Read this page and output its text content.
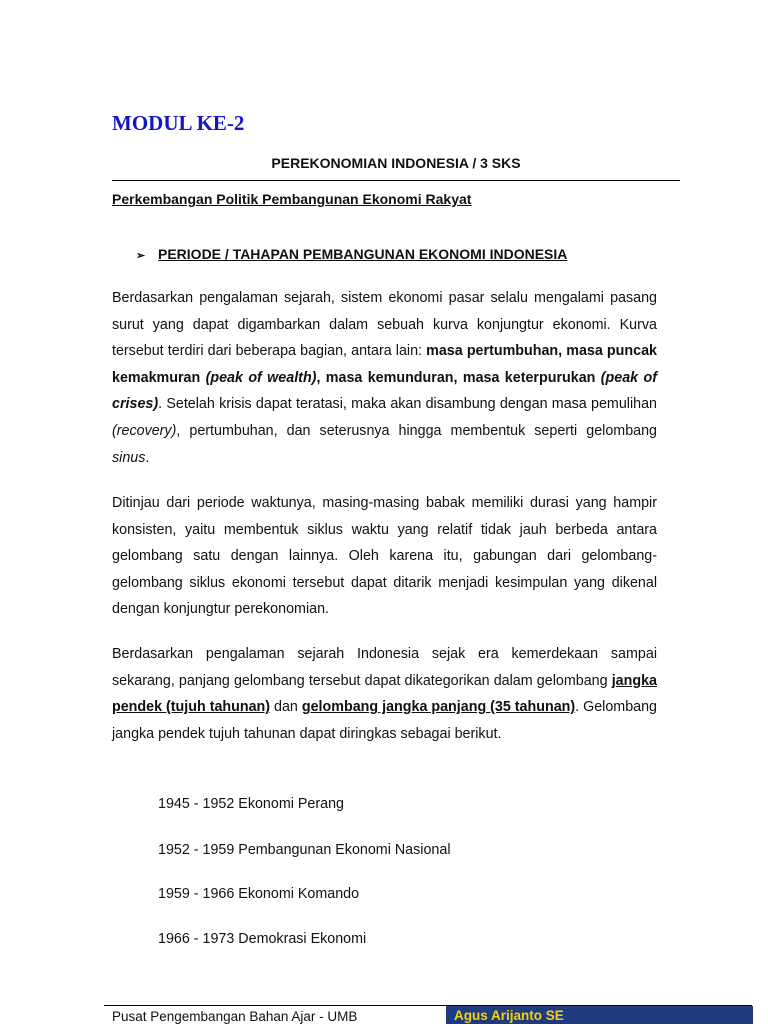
MODUL KE-2

PEREKONOMIAN INDONESIA / 3 SKS

Perkembangan Politik Pembangunan Ekonomi Rakyat

➢ PERIODE / TAHAPAN PEMBANGUNAN EKONOMI INDONESIA

Berdasarkan pengalaman sejarah, sistem ekonomi pasar selalu mengalami pasang surut yang dapat digambarkan dalam sebuah kurva konjungtur ekonomi. Kurva tersebut terdiri dari beberapa bagian, antara lain: masa pertumbuhan, masa puncak kemakmuran (peak of wealth), masa kemunduran, masa keterpurukan (peak of crises). Setelah krisis dapat teratasi, maka akan disambung dengan masa pemulihan (recovery), pertumbuhan, dan seterusnya hingga membentuk seperti gelombang sinus.

Ditinjau dari periode waktunya, masing-masing babak memiliki durasi yang hampir konsisten, yaitu membentuk siklus waktu yang relatif tidak jauh berbeda antara gelombang satu dengan lainnya. Oleh karena itu, gabungan dari gelombang-gelombang siklus ekonomi tersebut dapat ditarik menjadi kesimpulan yang dikenal dengan konjungtur perekonomian.

Berdasarkan pengalaman sejarah Indonesia sejak era kemerdekaan sampai sekarang, panjang gelombang tersebut dapat dikategorikan dalam gelombang jangka pendek (tujuh tahunan) dan gelombang jangka panjang (35 tahunan). Gelombang jangka pendek tujuh tahunan dapat diringkas sebagai berikut.

1945 - 1952 Ekonomi Perang

1952 - 1959 Pembangunan Ekonomi Nasional

1959 - 1966 Ekonomi Komando

1966 - 1973 Demokrasi Ekonomi

Pusat Pengembangan Bahan Ajar - UMB	Agus Arijanto SE
